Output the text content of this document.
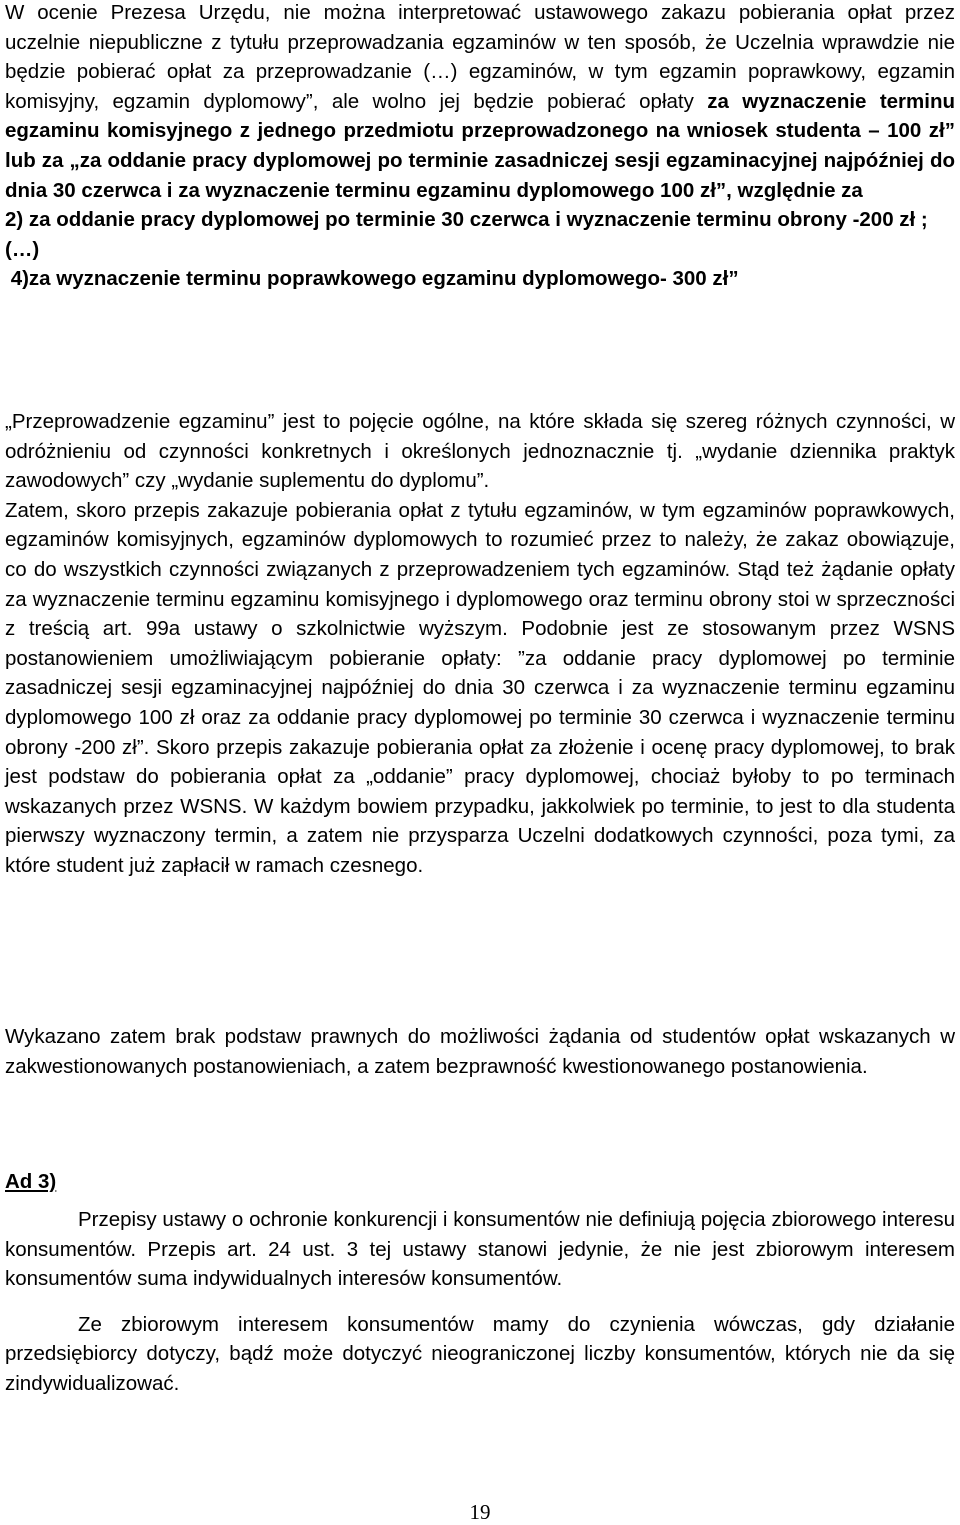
W ocenie Prezesa Urzędu, nie można interpretować ustawowego zakazu pobierania opłat przez uczelnie niepubliczne z tytułu przeprowadzania egzaminów w ten sposób, że Uczelnia wprawdzie nie będzie pobierać opłat za przeprowadzanie (…) egzaminów, w tym egzamin poprawkowy, egzamin komisyjny, egzamin dyplomowy”, ale wolno jej będzie pobierać opłaty za wyznaczenie terminu egzaminu komisyjnego z jednego przedmiotu przeprowadzonego na wniosek studenta – 100 zł” lub za „za oddanie pracy dyplomowej po terminie zasadniczej sesji egzaminacyjnej najpóźniej do dnia 30 czerwca i za wyznaczenie terminu egzaminu dyplomowego 100 zł”, względnie za

2) za oddanie pracy dyplomowej po terminie 30 czerwca i wyznaczenie terminu obrony -200 zł ;

(…)

4)za wyznaczenie terminu poprawkowego egzaminu dyplomowego- 300 zł”

„Przeprowadzenie egzaminu” jest to pojęcie ogólne, na które składa się szereg różnych czynności, w odróżnieniu od czynności konkretnych i określonych jednoznacznie tj. „wydanie dziennika praktyk zawodowych” czy „wydanie suplementu do dyplomu”.

Zatem, skoro przepis zakazuje pobierania opłat z tytułu egzaminów, w tym egzaminów poprawkowych, egzaminów komisyjnych, egzaminów dyplomowych to rozumieć przez to należy, że zakaz obowiązuje, co do wszystkich czynności związanych z przeprowadzeniem tych egzaminów. Stąd też żądanie opłaty za wyznaczenie terminu egzaminu komisyjnego i dyplomowego oraz terminu obrony stoi w sprzeczności z treścią art. 99a ustawy o szkolnictwie wyższym. Podobnie jest ze stosowanym przez WSNS postanowieniem umożliwiającym pobieranie opłaty: ”za oddanie pracy dyplomowej po terminie zasadniczej sesji egzaminacyjnej najpóźniej do dnia 30 czerwca i za wyznaczenie terminu egzaminu dyplomowego 100 zł oraz za oddanie pracy dyplomowej po terminie 30 czerwca i wyznaczenie terminu obrony -200 zł”. Skoro przepis zakazuje pobierania opłat za złożenie i ocenę pracy dyplomowej, to brak jest podstaw do pobierania opłat za „oddanie” pracy dyplomowej, chociaż byłoby to po terminach wskazanych przez WSNS. W każdym bowiem przypadku, jakkolwiek po terminie, to jest to dla studenta pierwszy wyznaczony termin, a zatem nie przysparza Uczelni dodatkowych czynności, poza tymi, za które student już zapłacił w ramach czesnego.

Wykazano zatem brak podstaw prawnych do możliwości żądania od studentów opłat wskazanych w zakwestionowanych postanowieniach, a zatem bezprawność kwestionowanego postanowienia.

Ad 3)

Przepisy ustawy o ochronie konkurencji i konsumentów nie definiują pojęcia zbiorowego interesu konsumentów. Przepis art. 24 ust. 3 tej ustawy stanowi jedynie, że nie jest zbiorowym interesem konsumentów suma indywidualnych interesów konsumentów.

Ze zbiorowym interesem konsumentów mamy do czynienia wówczas, gdy działanie przedsiębiorcy dotyczy, bądź może dotyczyć nieograniczonej liczby konsumentów, których nie da się zindywidualizować.

19
